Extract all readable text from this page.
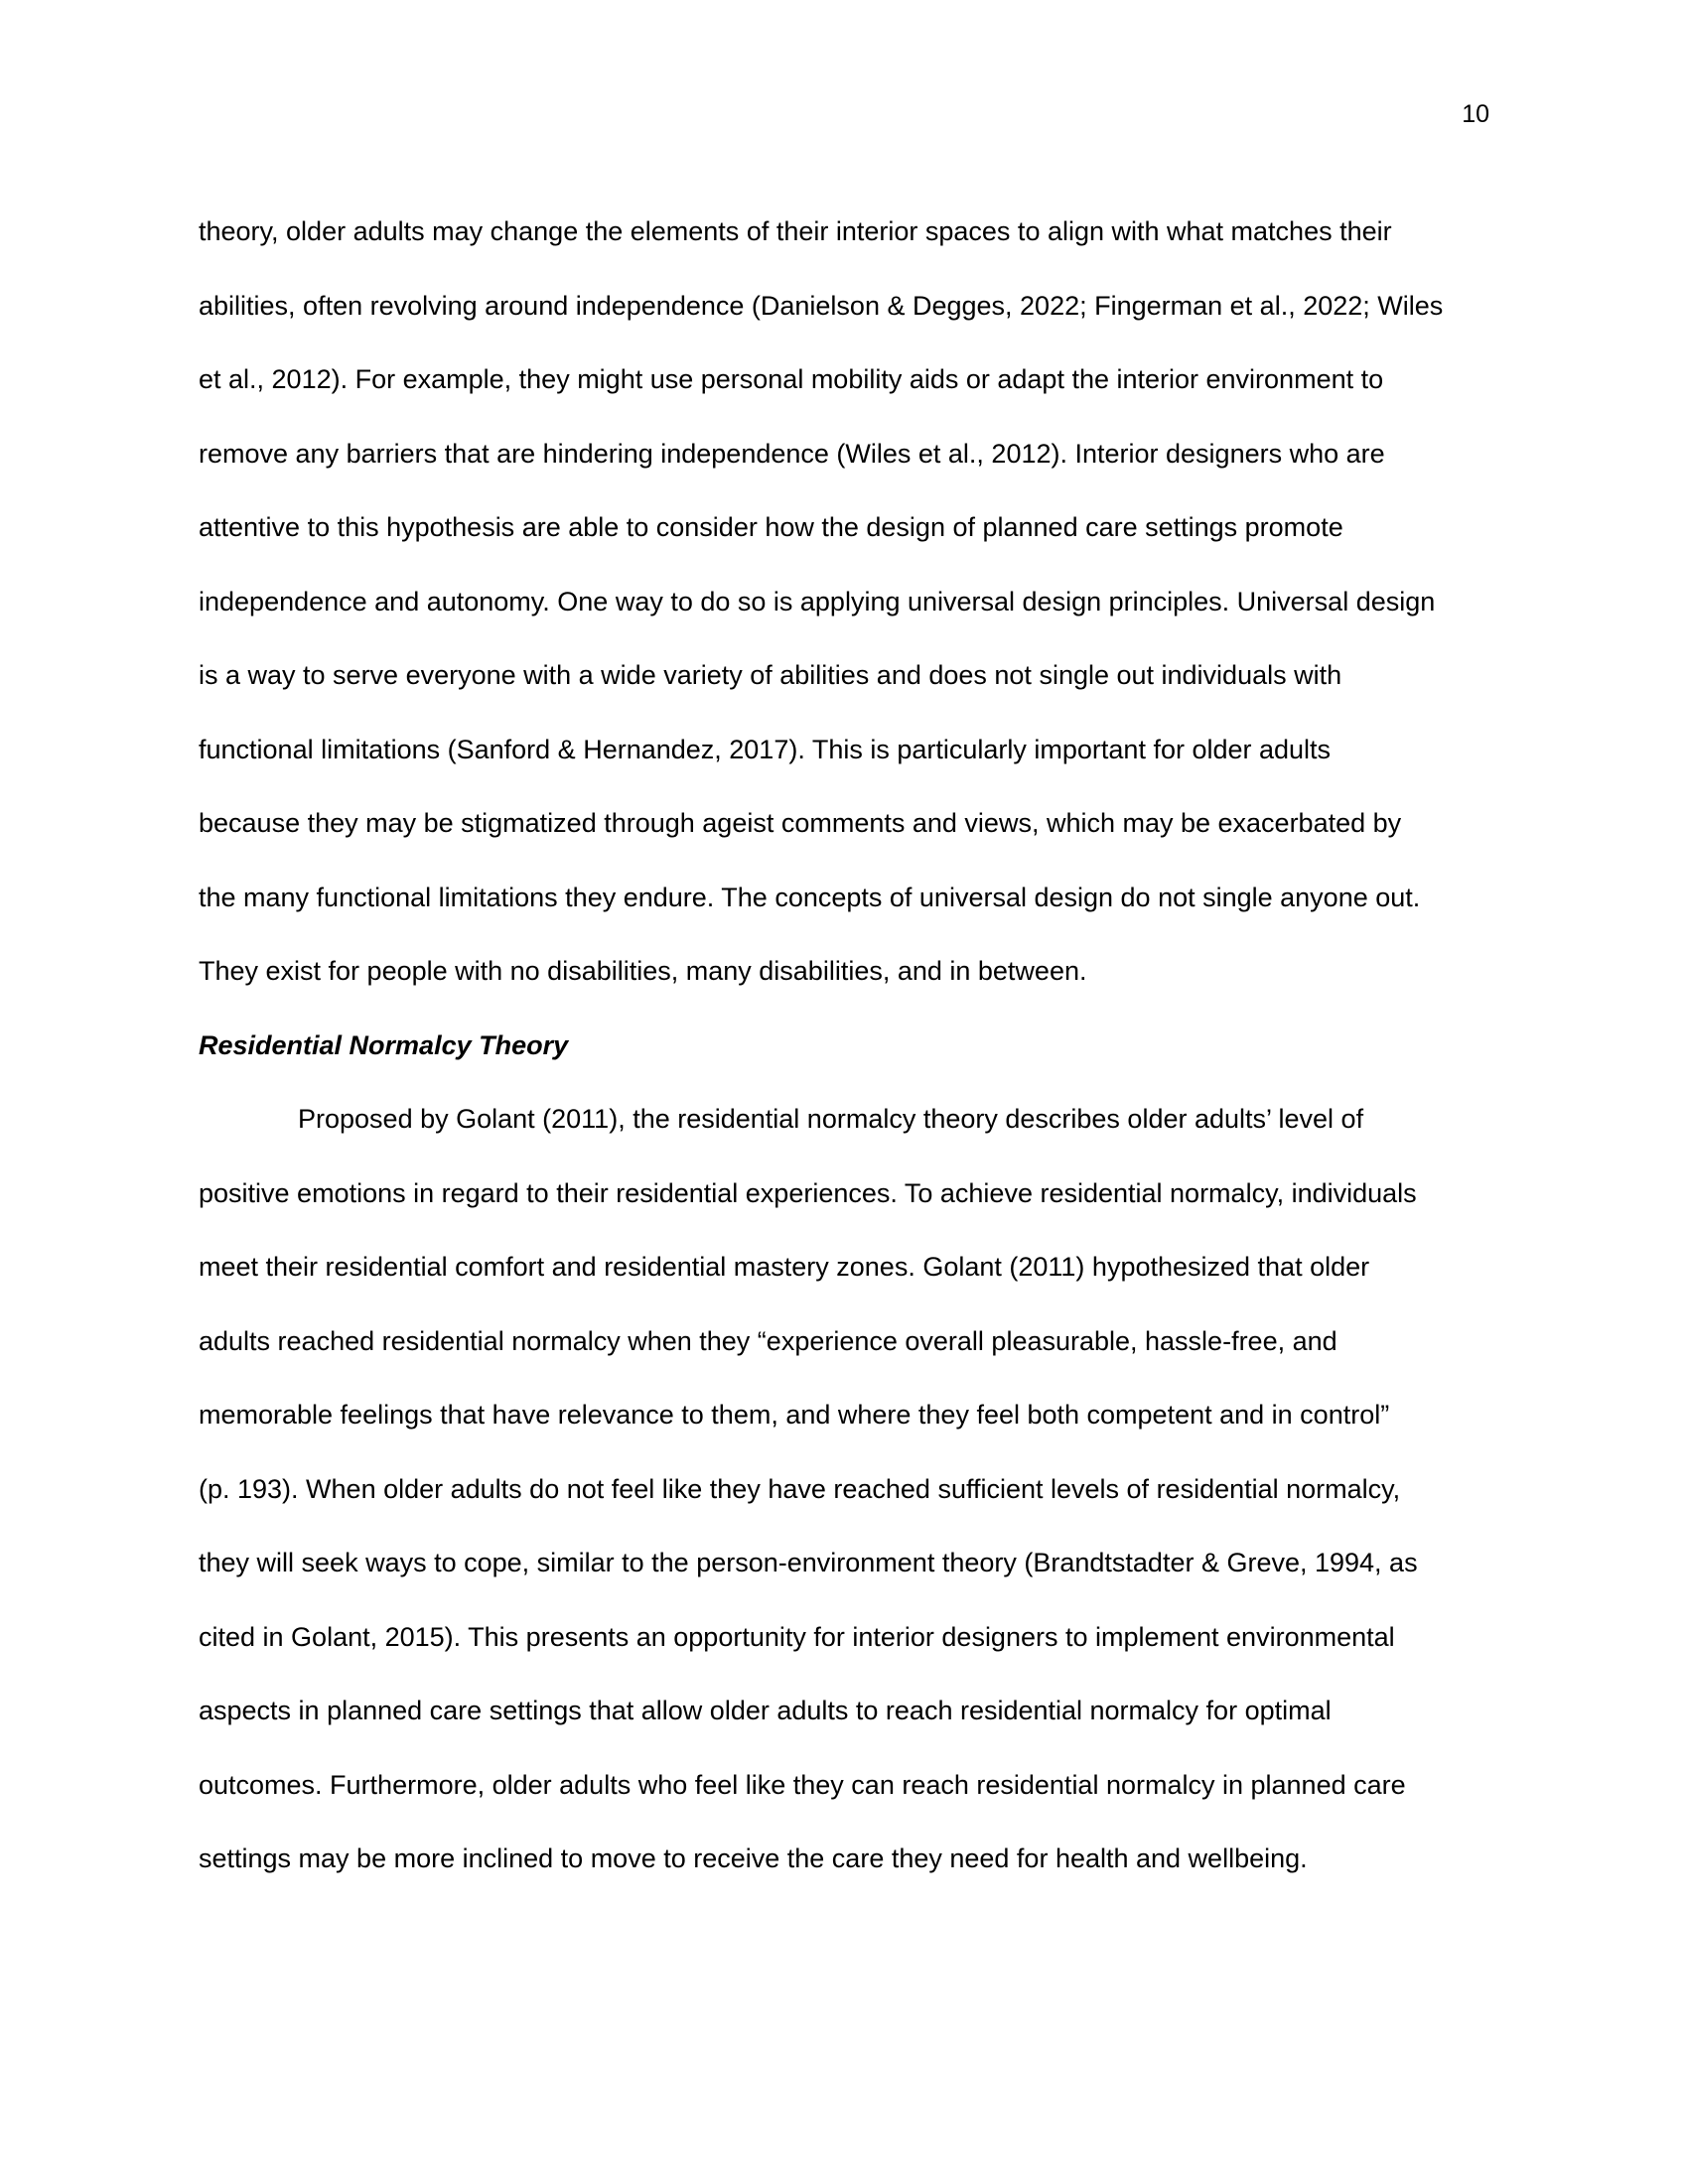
10
theory, older adults may change the elements of their interior spaces to align with what matches their
abilities, often revolving around independence (Danielson & Degges, 2022; Fingerman et al., 2022; Wiles
et al., 2012). For example, they might use personal mobility aids or adapt the interior environment to
remove any barriers that are hindering independence (Wiles et al., 2012). Interior designers who are
attentive to this hypothesis are able to consider how the design of planned care settings promote
independence and autonomy. One way to do so is applying universal design principles. Universal design
is a way to serve everyone with a wide variety of abilities and does not single out individuals with
functional limitations (Sanford & Hernandez, 2017). This is particularly important for older adults
because they may be stigmatized through ageist comments and views, which may be exacerbated by
the many functional limitations they endure. The concepts of universal design do not single anyone out.
They exist for people with no disabilities, many disabilities, and in between.
Residential Normalcy Theory
Proposed by Golant (2011), the residential normalcy theory describes older adults’ level of
positive emotions in regard to their residential experiences. To achieve residential normalcy, individuals
meet their residential comfort and residential mastery zones. Golant (2011) hypothesized that older
adults reached residential normalcy when they “experience overall pleasurable, hassle-free, and
memorable feelings that have relevance to them, and where they feel both competent and in control”
(p. 193). When older adults do not feel like they have reached sufficient levels of residential normalcy,
they will seek ways to cope, similar to the person-environment theory (Brandtstadter & Greve, 1994, as
cited in Golant, 2015). This presents an opportunity for interior designers to implement environmental
aspects in planned care settings that allow older adults to reach residential normalcy for optimal
outcomes. Furthermore, older adults who feel like they can reach residential normalcy in planned care
settings may be more inclined to move to receive the care they need for health and wellbeing.
